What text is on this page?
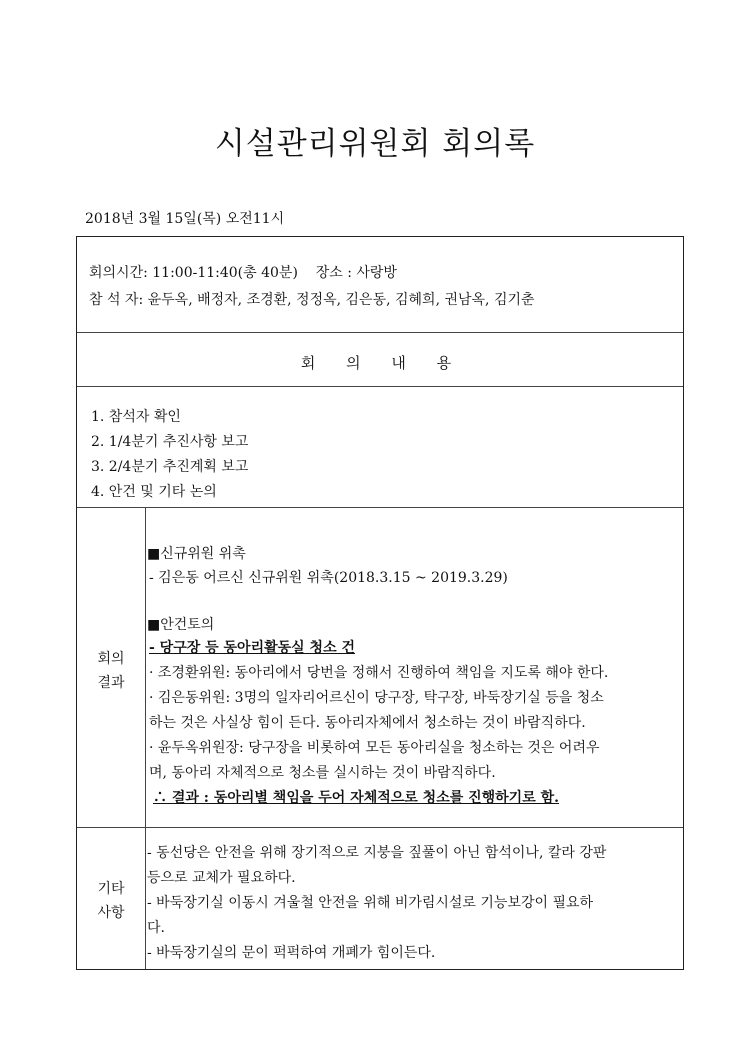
시설관리위원회 회의록
2018년 3월 15일(목) 오전11시
회의시간: 11:00-11:40(총 40분)    장소 : 사랑방
참 석 자: 윤두옥, 배정자, 조경환, 정정옥, 김은동, 김혜희, 권남옥, 김기춘
회 의 내 용
1. 참석자 확인
2. 1/4분기 추진사항 보고
3. 2/4분기 추진계획 보고
4. 안건 및 기타 논의
회의
결과
■신규위원 위촉
- 김은동 어르신 신규위원 위촉(2018.3.15 ~ 2019.3.29)
■안건토의
- 당구장 등 동아리활동실 청소 건
· 조경환위원: 동아리에서 당번을 정해서 진행하여 책임을 지도록 해야 한다.
· 김은동위원: 3명의 일자리어르신이 당구장, 탁구장, 바둑장기실 등을 청소
하는 것은 사실상 힘이 든다. 동아리자체에서 청소하는 것이 바람직하다.
· 윤두옥위원장: 당구장을 비롯하여 모든 동아리실을 청소하는 것은 어려우
며, 동아리 자체적으로 청소를 실시하는 것이 바람직하다.
∴ 결과 : 동아리별 책임을 두어 자체적으로 청소를 진행하기로 함.
기타
사항
- 동선당은 안전을 위해 장기적으로 지붕을 짚풀이 아닌 함석이나, 칼라 강판
등으로 교체가 필요하다.
- 바둑장기실 이동시 겨울철 안전을 위해 비가림시설로 기능보강이 필요하
다.
- 바둑장기실의 문이 퍽퍽하여 개폐가 힘이든다.
